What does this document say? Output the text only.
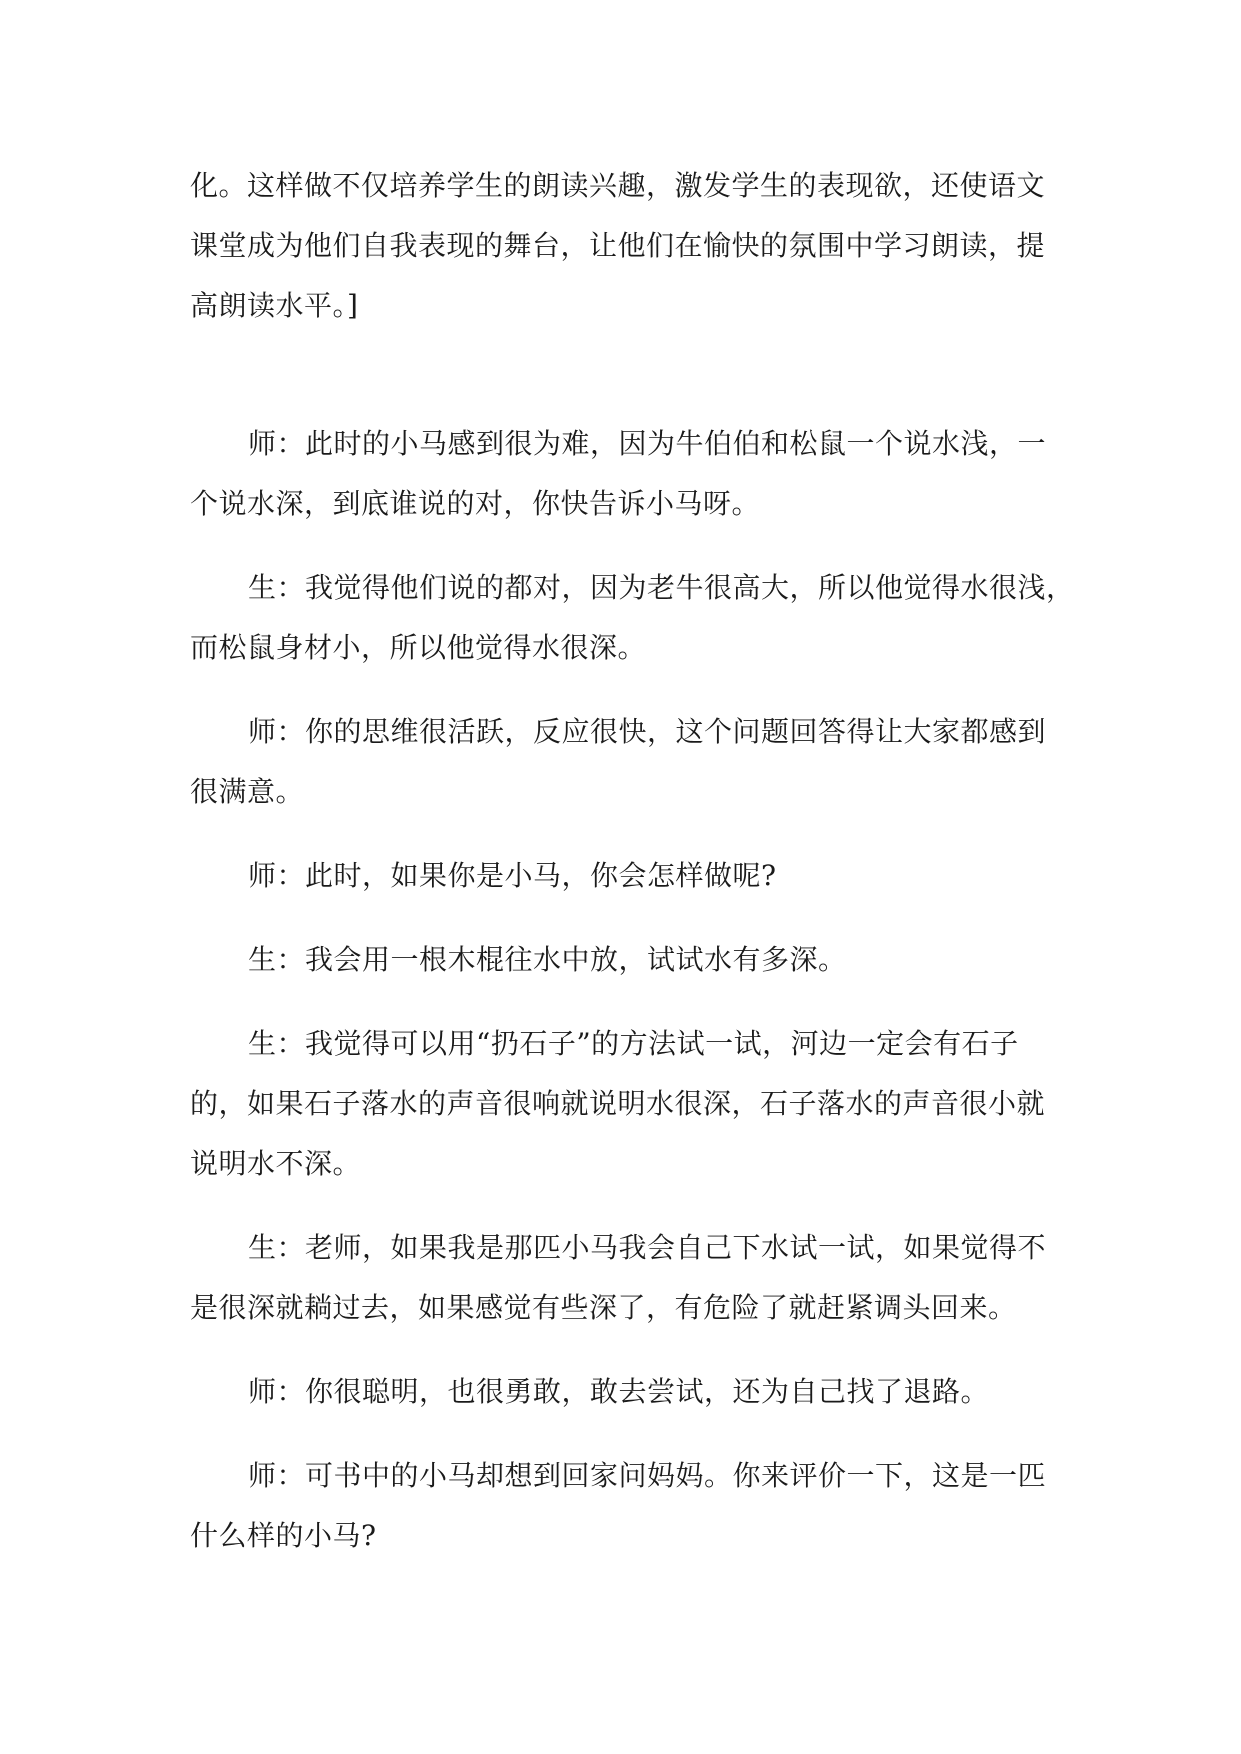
化。这样做不仅培养学生的朗读兴趣，激发学生的表现欲，还使语文
课堂成为他们自我表现的舞台，让他们在愉快的氛围中学习朗读，提
高朗读水平。]
师：此时的小马感到很为难，因为牛伯伯和松鼠一个说水浅，一
个说水深，到底谁说的对，你快告诉小马呀。
生：我觉得他们说的都对，因为老牛很高大，所以他觉得水很浅，
而松鼠身材小，所以他觉得水很深。
师：你的思维很活跃，反应很快，这个问题回答得让大家都感到
很满意。
师：此时，如果你是小马，你会怎样做呢?
生：我会用一根木棍往水中放，试试水有多深。
生：我觉得可以用“扔石子”的方法试一试，河边一定会有石子
的，如果石子落水的声音很响就说明水很深，石子落水的声音很小就
说明水不深。
生：老师，如果我是那匹小马我会自己下水试一试，如果觉得不
是很深就耥过去，如果感觉有些深了，有危险了就赶紧调头回来。
师：你很聪明，也很勇敢，敢去尝试，还为自己找了退路。
师：可书中的小马却想到回家问妈妈。你来评价一下，这是一匹
什么样的小马?
